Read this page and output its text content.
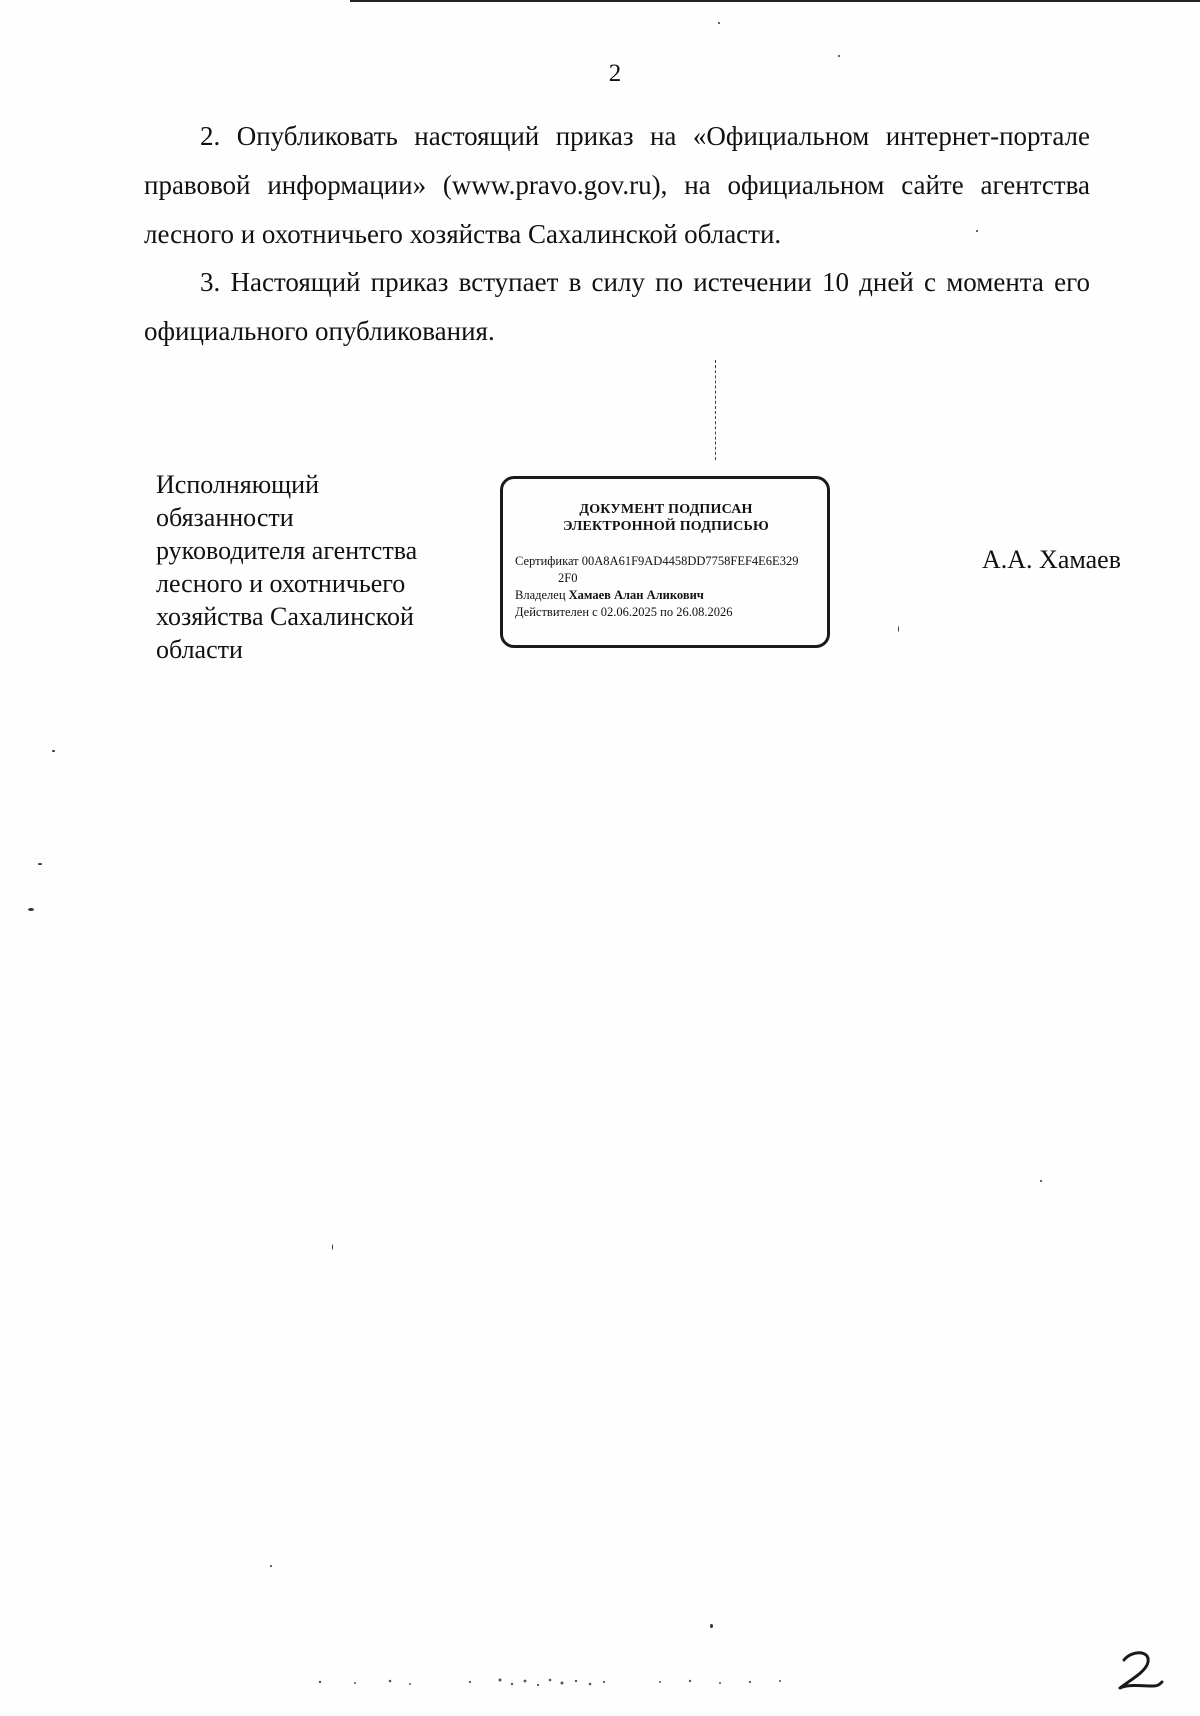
2

2. Опубликовать настоящий приказ на «Официальном интернет-портале правовой информации» (www.pravo.gov.ru), на официальном сайте агентства лесного и охотничьего хозяйства Сахалинской области.

3. Настоящий приказ вступает в силу по истечении 10 дней с момента его официального опубликования.

Исполняющий
обязанности
руководителя агентства
лесного и охотничьего
хозяйства Сахалинской
области
ДОКУМЕНТ ПОДПИСАН
ЭЛЕКТРОННОЙ ПОДПИСЬЮ
Сертификат 00A8A61F9AD4458DD7758FEF4E6E329
2F0
Владелец Хамаев Алан Аликович
Действителен с 02.06.2025 по 26.08.2026
А.А. Хамаев
